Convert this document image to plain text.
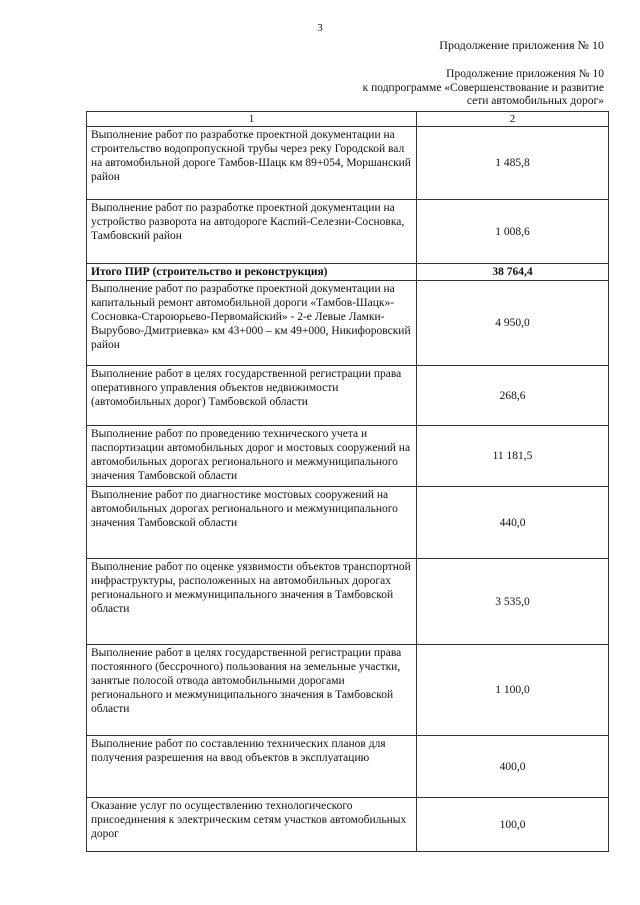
3
Продолжение приложения № 10
Продолжение приложения № 10
к подпрограмме «Совершенствование и развитие
сети автомобильных дорог»
1	2
Выполнение работ по разработке проектной документации на строительство водопропускной трубы через реку Городской вал на автомобильной дороге Тамбов-Шацк км 89+054, Моршанский район	1 485,8
Выполнение работ по разработке проектной документации на устройство разворота на автодороге Каспий-Селезни-Сосновка, Тамбовский район	1 008,6
Итого ПИР (строительство и реконструкция)	38 764,4
Выполнение работ по разработке проектной документации на капитальный ремонт автомобильной дороги «Тамбов-Шацк»- Сосновка-Староюрьево-Первомайский» - 2-е Левые Ламки- Вырубово-Дмитриевка» км 43+000 – км 49+000, Никифоровский район	4 950,0
Выполнение работ в целях государственной регистрации права оперативного управления объектов недвижимости (автомобильных дорог) Тамбовской области	268,6
Выполнение работ по проведению технического учета и паспортизации автомобильных дорог и мостовых сооружений на автомобильных дорогах регионального и межмуниципального значения Тамбовской области	11 181,5
Выполнение работ по диагностике мостовых сооружений на автомобильных дорогах регионального и межмуниципального значения Тамбовской области	440,0
Выполнение работ по оценке уязвимости объектов транспортной инфраструктуры, расположенных на автомобильных дорогах регионального и межмуниципального значения в Тамбовской области	3 535,0
Выполнение работ в целях государственной регистрации права постоянного (бессрочного) пользования на земельные участки, занятые полосой отвода автомобильными дорогами регионального и межмуниципального значения в Тамбовской области	1 100,0
Выполнение работ по составлению технических планов для получения разрешения на ввод объектов в эксплуатацию	400,0
Оказание услуг по осуществлению технологического присоединения к электрическим сетям участков автомобильных дорог	100,0
